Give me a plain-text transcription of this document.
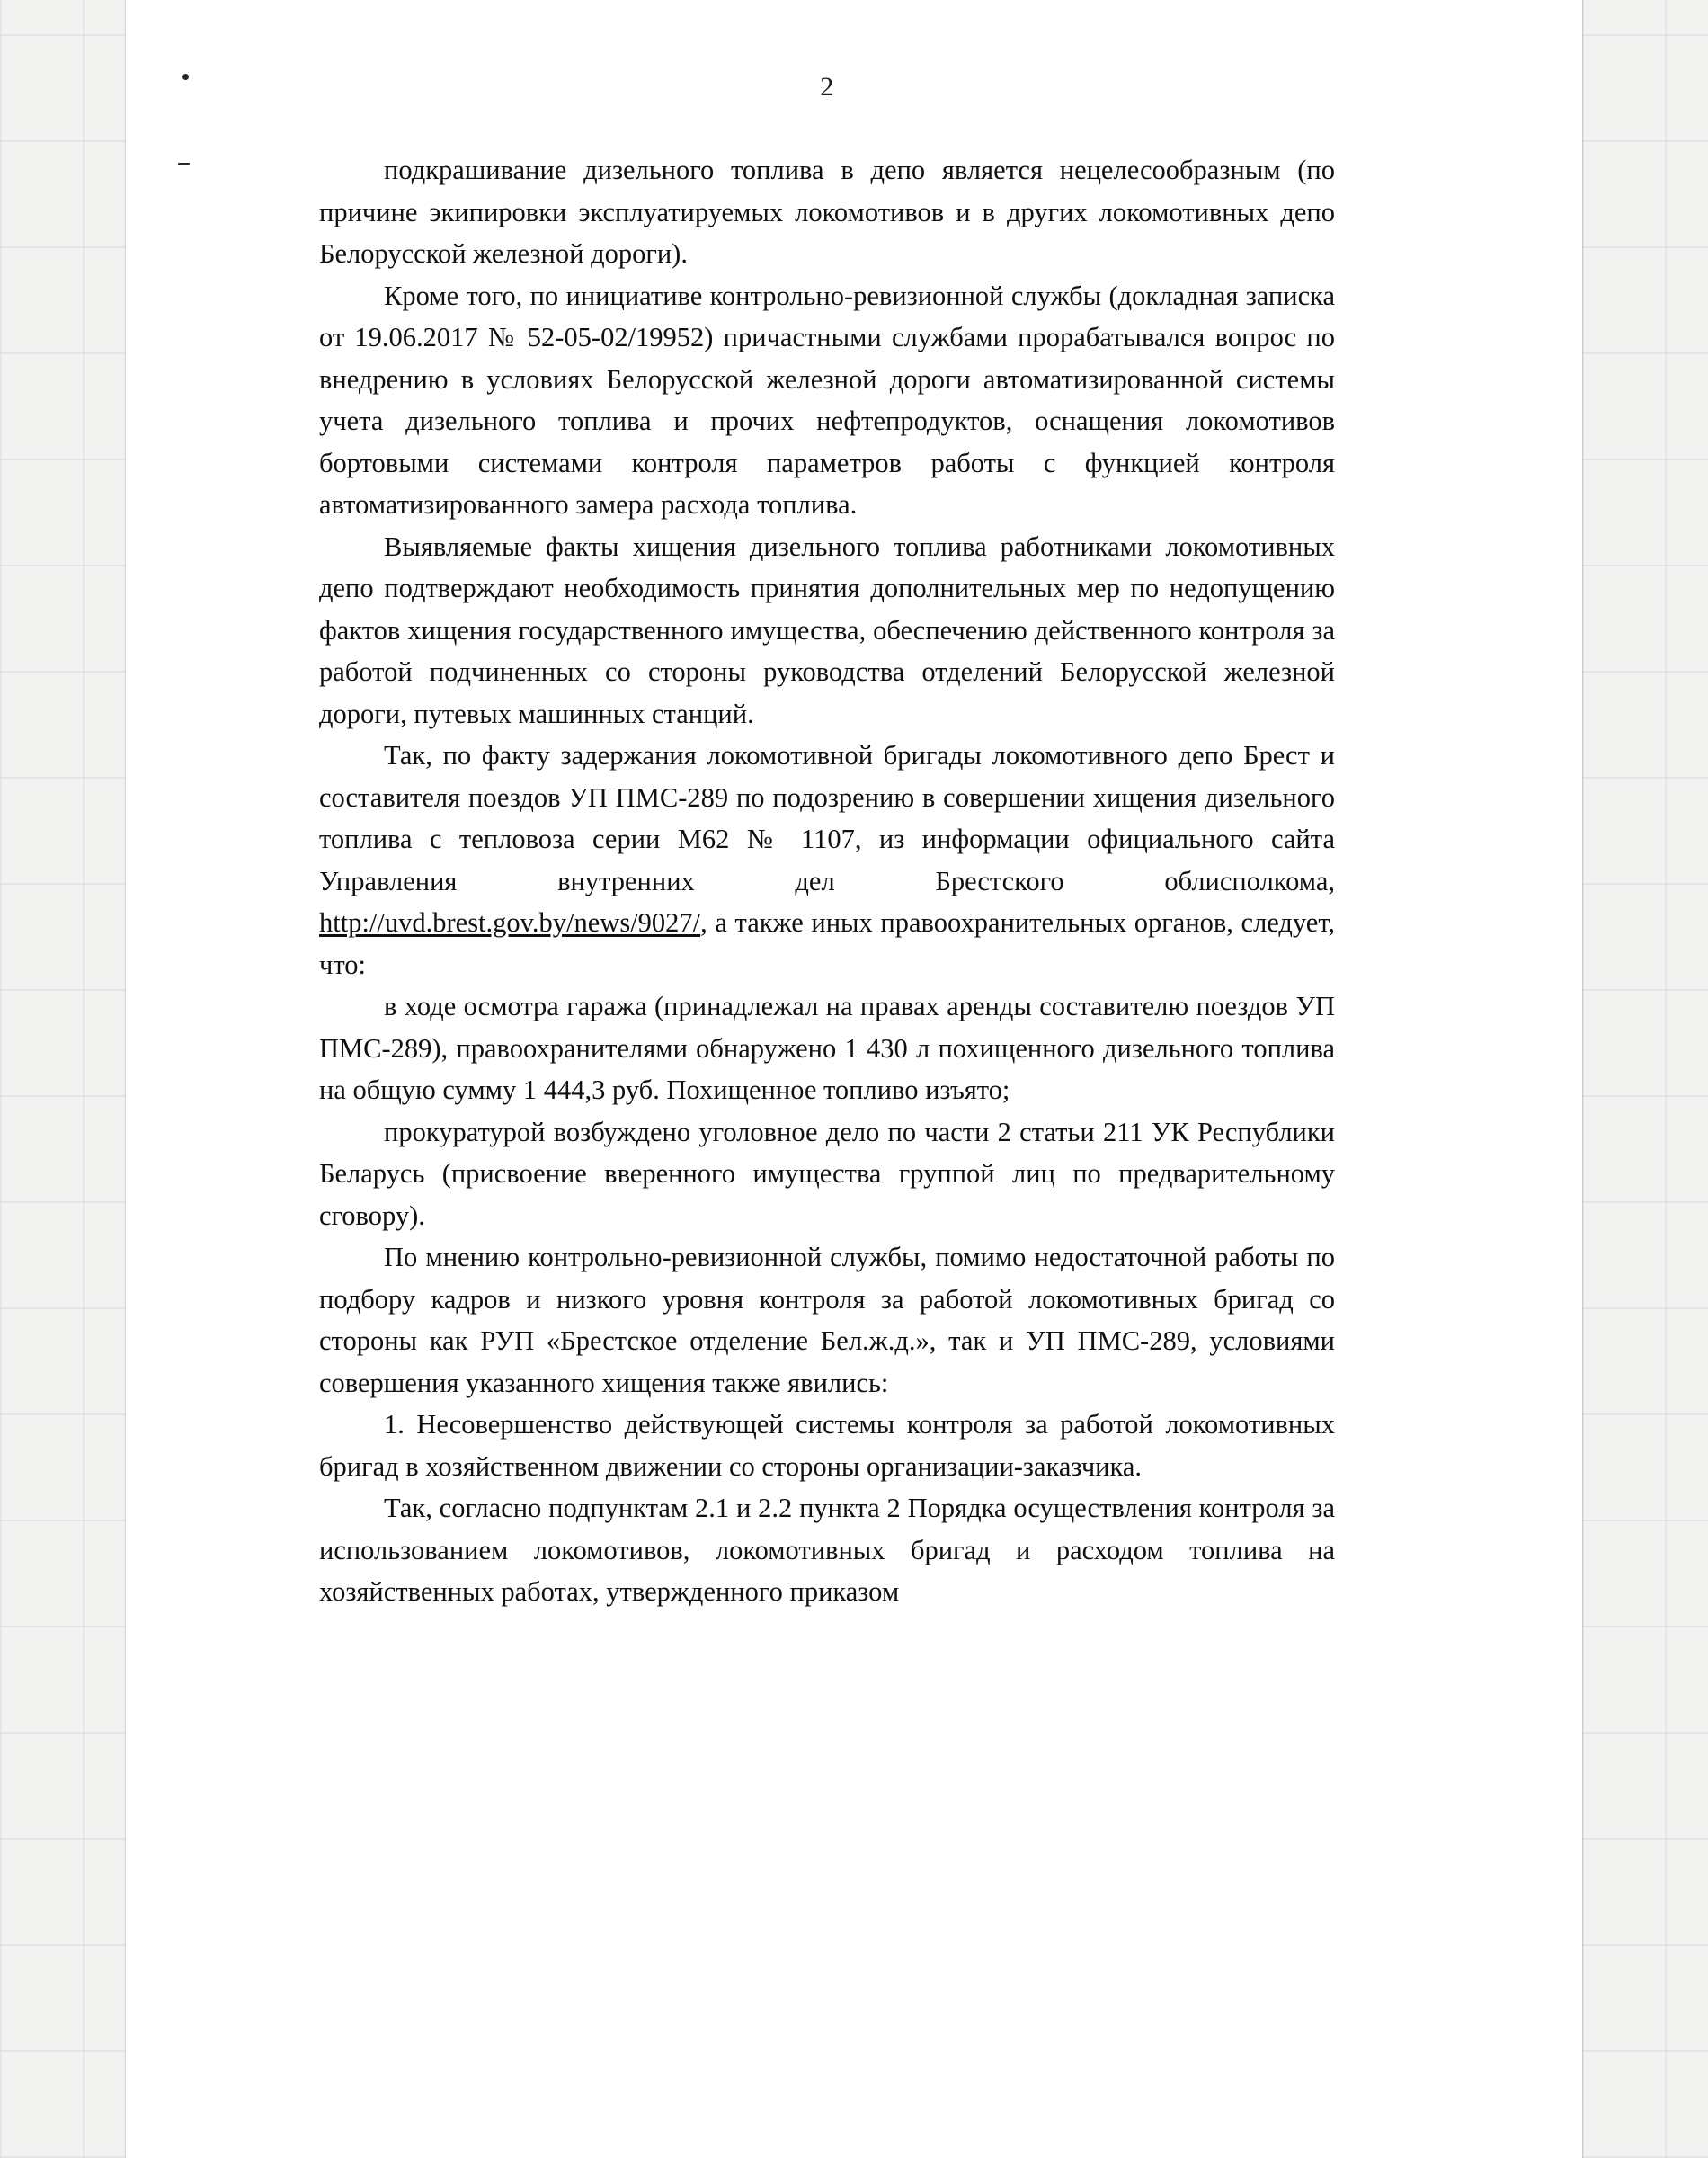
2

подкрашивание дизельного топлива в депо является нецелесообразным (по причине экипировки эксплуатируемых локомотивов и в других локомотивных депо Белорусской железной дороги).

Кроме того, по инициативе контрольно-ревизионной службы (докладная записка от 19.06.2017 № 52-05-02/19952) причастными службами прорабатывался вопрос по внедрению в условиях Белорусской железной дороги автоматизированной системы учета дизельного топлива и прочих нефтепродуктов, оснащения локомотивов бортовыми системами контроля параметров работы с функцией контроля автоматизированного замера расхода топлива.

Выявляемые факты хищения дизельного топлива работниками локомотивных депо подтверждают необходимость принятия дополнительных мер по недопущению фактов хищения государственного имущества, обеспечению действенного контроля за работой подчиненных со стороны руководства отделений Белорусской железной дороги, путевых машинных станций.

Так, по факту задержания локомотивной бригады локомотивного депо Брест и составителя поездов УП ПМС-289 по подозрению в совершении хищения дизельного топлива с тепловоза серии М62 № 1107, из информации официального сайта Управления внутренних дел Брестского облисполкома, http://uvd.brest.gov.by/news/9027/, а также иных правоохранительных органов, следует, что:

в ходе осмотра гаража (принадлежал на правах аренды составителю поездов УП ПМС-289), правоохранителями обнаружено 1 430 л похищенного дизельного топлива на общую сумму 1 444,3 руб. Похищенное топливо изъято;

прокуратурой возбуждено уголовное дело по части 2 статьи 211 УК Республики Беларусь (присвоение вверенного имущества группой лиц по предварительному сговору).

По мнению контрольно-ревизионной службы, помимо недостаточной работы по подбору кадров и низкого уровня контроля за работой локомотивных бригад со стороны как РУП «Брестское отделение Бел.ж.д.», так и УП ПМС-289, условиями совершения указанного хищения также явились:

1. Несовершенство действующей системы контроля за работой локомотивных бригад в хозяйственном движении со стороны организации-заказчика.

Так, согласно подпунктам 2.1 и 2.2 пункта 2 Порядка осуществления контроля за использованием локомотивов, локомотивных бригад и расходом топлива на хозяйственных работах, утвержденного приказом
